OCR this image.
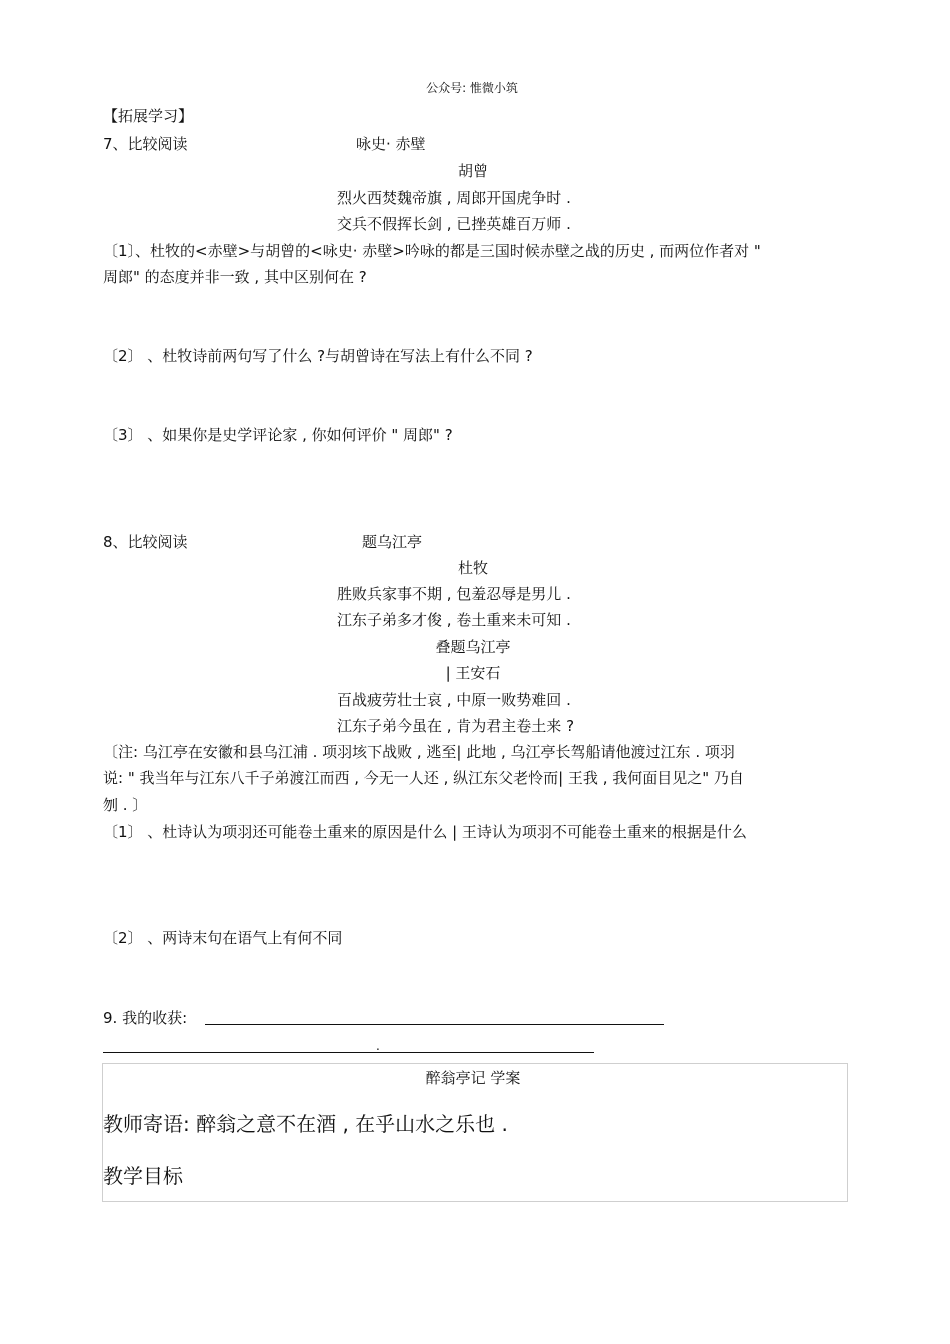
公众号: 惟微小筑
【拓展学习】
7、比较阅读	咏史· 赤壁
胡曾
烈火西焚魏帝旗 , 周郎开国虎争时 .
交兵不假挥长剑 , 已挫英雄百万师 .
〔1〕、杜牧的<赤壁>与胡曾的<咏史· 赤壁>吟咏的都是三国时候赤壁之战的历史 , 而两位作者对 "
周郎" 的态度并非一致 , 其中区别何在 ?
〔2〕 、杜牧诗前两句写了什么 ?与胡曾诗在写法上有什么不同 ?
〔3〕 、如果你是史学评论家 , 你如何评价 " 周郎" ?
8、比较阅读	题乌江亭
杜牧
胜败兵家事不期 , 包羞忍辱是男儿 .
江东子弟多才俊 , 卷土重来未可知 .
叠题乌江亭
| 王安石
百战疲劳壮士哀 , 中原一败势难回 .
江东子弟今虽在 , 肯为君主卷土来 ?
〔注: 乌江亭在安徽和县乌江浦 . 项羽垓下战败 , 逃至| 此地 , 乌江亭长驾船请他渡过江东 . 项羽
说: " 我当年与江东八千子弟渡江而西 , 今无一人还 , 纵江东父老怜而| 王我 , 我何面目见之" 乃自
刎 . 〕
〔1〕 、杜诗认为项羽还可能卷土重来的原因是什么 | 王诗认为项羽不可能卷土重来的根据是什么
〔2〕 、两诗末句在语气上有何不同
9. 我的收获:
.
醉翁亭记 学案
教师寄语: 醉翁之意不在酒 , 在乎山水之乐也 .
教学目标
